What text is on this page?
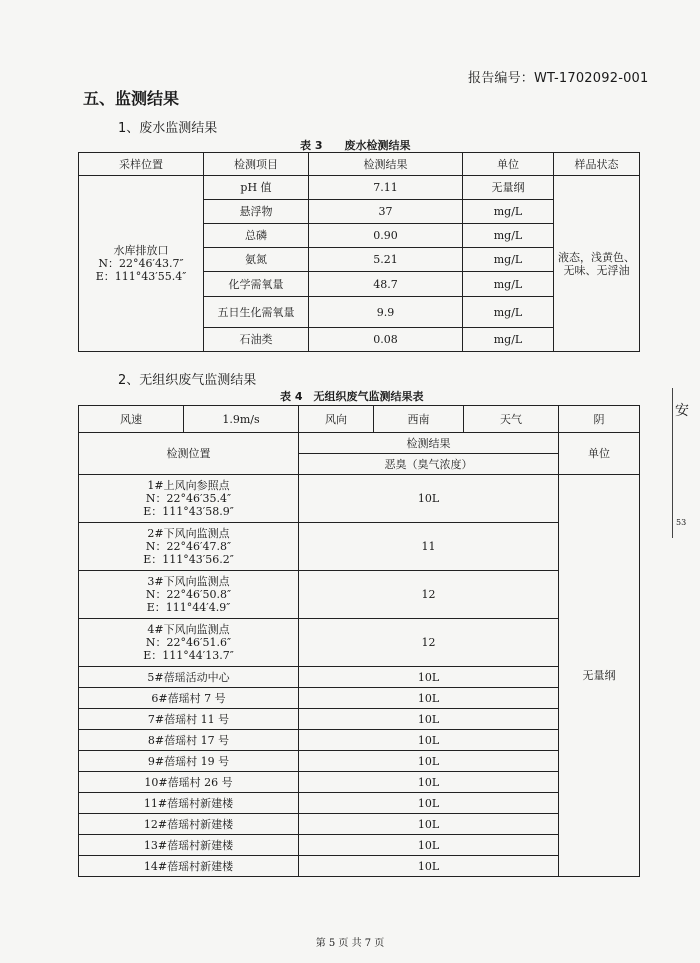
报告编号：WT-1702092-001
五、监测结果
1、废水监测结果
表 3　　废水检测结果
采样位置	检测项目	检测结果	单位	样品状态
水库排放口
N：22°46′43.7″
E：111°43′55.4″	pH 值	7.11	无量纲	液态，浅黄色、无味、无浮油
	悬浮物	37	mg/L	
	总磷	0.90	mg/L	
	氨氮	5.21	mg/L	
	化学需氧量	48.7	mg/L	
	五日生化需氧量	9.9	mg/L	
	石油类	0.08	mg/L	
2、无组织废气监测结果
表 4　无组织废气监测结果表
风速	1.9m/s	风向	西南	天气	阴
检测位置		检测结果			单位
		恶臭（臭气浓度）			
1#上风向参照点
N：22°46′35.4″
E：111°43′58.9″		10L			无量纲
2#下风向监测点
N：22°46′47.8″
E：111°43′56.2″		11			
3#下风向监测点
N：22°46′50.8″
E：111°44′4.9″		12			
4#下风向监测点
N：22°46′51.6″
E：111°44′13.7″		12			
5#蓓瑶活动中心		10L			
6#蓓瑶村 7 号		10L			
7#蓓瑶村 11 号		10L			
8#蓓瑶村 17 号		10L			
9#蓓瑶村 19 号		10L			
10#蓓瑶村 26 号		10L			
11#蓓瑶村新建楼		10L			
12#蓓瑶村新建楼		10L			
13#蓓瑶村新建楼		10L			
14#蓓瑶村新建楼		10L			
安
53
第 5 页 共 7 页
